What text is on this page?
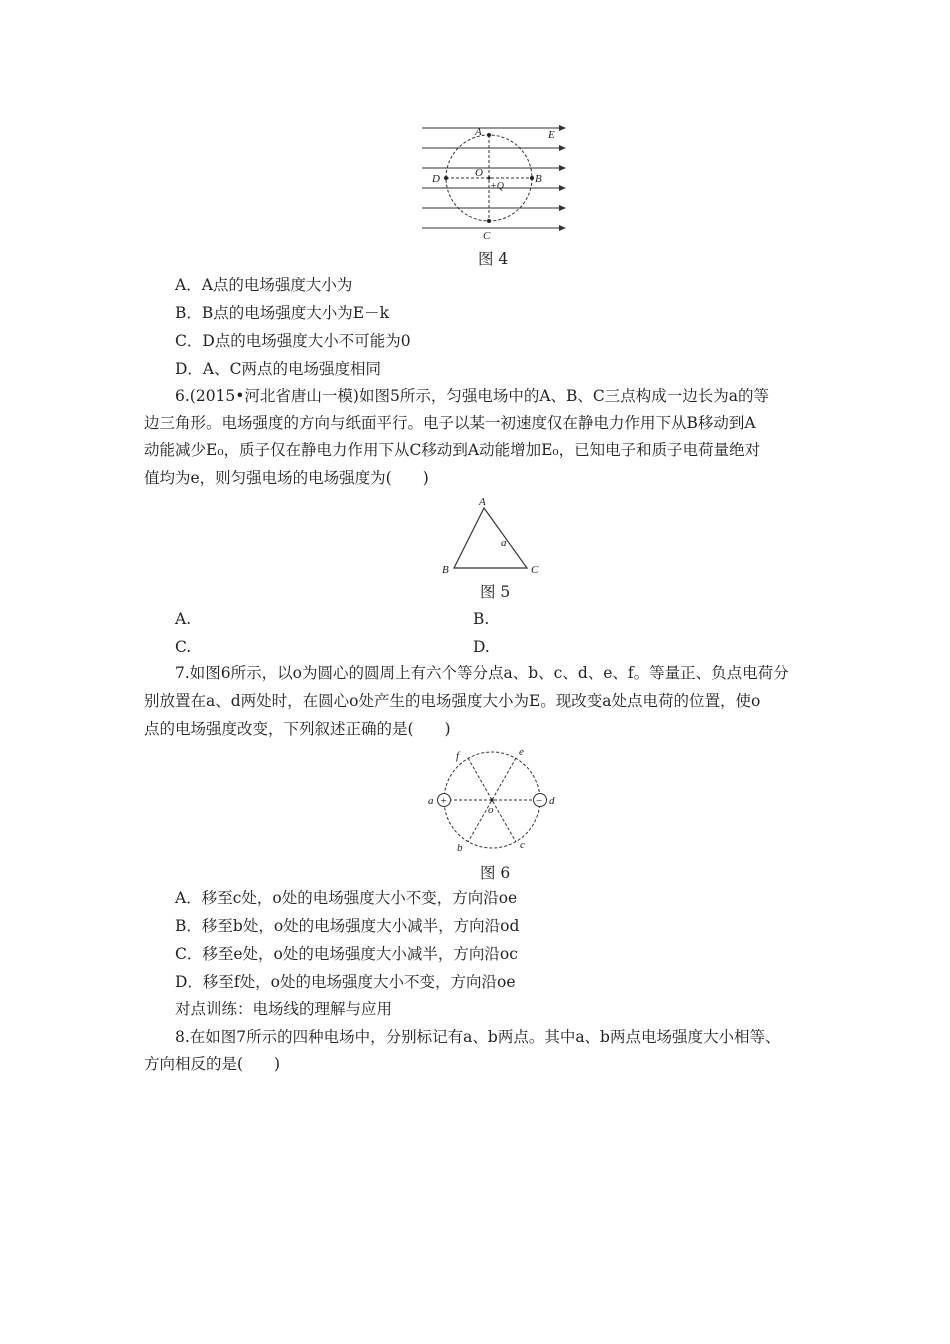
A	E
O
D	B
+Q
C
图 4
A．A点的电场强度大小为
B．B点的电场强度大小为E－k
C．D点的电场强度大小不可能为0
D．A、C两点的电场强度相同
6.(2015•河北省唐山一模)如图5所示，匀强电场中的A、B、C三点构成一边长为a的等
边三角形。电场强度的方向与纸面平行。电子以某一初速度仅在静电力作用下从B移动到A
动能减少E₀，质子仅在静电力作用下从C移动到A动能增加E₀，已知电子和质子电荷量绝对
值均为e，则匀强电场的电场强度为(　　)
A
B	C
a
图 5
A.	B.
C.	D.
7.如图6所示，以o为圆心的圆周上有六个等分点a、b、c、d、e、f。等量正、负点电荷分
别放置在a、d两处时，在圆心o处产生的电场强度大小为E。现改变a处点电荷的位置，使o
点的电场强度改变，下列叙述正确的是(　　)
+	−
a	d
f	e
b	c
o
图 6
A．移至c处，o处的电场强度大小不变，方向沿oe
B．移至b处，o处的电场强度大小减半，方向沿od
C．移至e处，o处的电场强度大小减半，方向沿oc
D．移至f处，o处的电场强度大小不变，方向沿oe
对点训练：电场线的理解与应用
8.在如图7所示的四种电场中，分别标记有a、b两点。其中a、b两点电场强度大小相等、
方向相反的是(　　)
